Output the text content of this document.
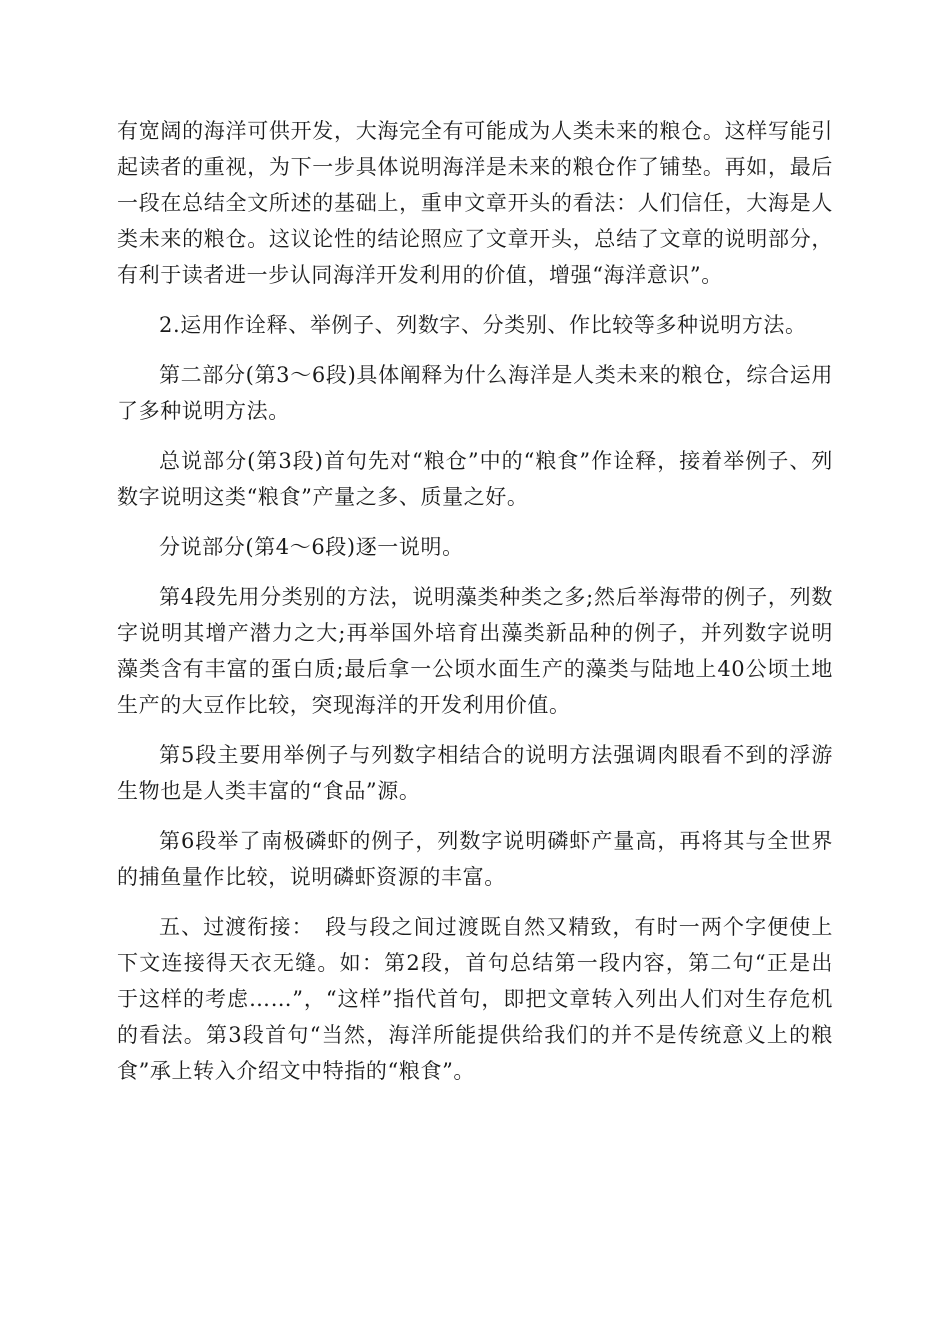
有宽阔的海洋可供开发，大海完全有可能成为人类未来的粮仓。这样写能引起读者的重视，为下一步具体说明海洋是未来的粮仓作了铺垫。再如，最后一段在总结全文所述的基础上，重申文章开头的看法：人们信任，大海是人类未来的粮仓。这议论性的结论照应了文章开头，总结了文章的说明部分，有利于读者进一步认同海洋开发利用的价值，增强“海洋意识”。

2.运用作诠释、举例子、列数字、分类别、作比较等多种说明方法。

第二部分(第3～6段)具体阐释为什么海洋是人类未来的粮仓，综合运用了多种说明方法。

总说部分(第3段)首句先对“粮仓”中的“粮食”作诠释，接着举例子、列数字说明这类“粮食”产量之多、质量之好。

分说部分(第4～6段)逐一说明。

第4段先用分类别的方法，说明藻类种类之多;然后举海带的例子，列数字说明其增产潜力之大;再举国外培育出藻类新品种的例子，并列数字说明藻类含有丰富的蛋白质;最后拿一公顷水面生产的藻类与陆地上40公顷土地生产的大豆作比较，突现海洋的开发利用价值。

第5段主要用举例子与列数字相结合的说明方法强调肉眼看不到的浮游生物也是人类丰富的“食品”源。

第6段举了南极磷虾的例子，列数字说明磷虾产量高，再将其与全世界的捕鱼量作比较，说明磷虾资源的丰富。

五、过渡衔接：　段与段之间过渡既自然又精致，有时一两个字便使上下文连接得天衣无缝。如：第2段，首句总结第一段内容，第二句“正是出于这样的考虑……”，“这样”指代首句，即把文章转入列出人们对生存危机的看法。第3段首句“当然，海洋所能提供给我们的并不是传统意义上的粮食”承上转入介绍文中特指的“粮食”。
